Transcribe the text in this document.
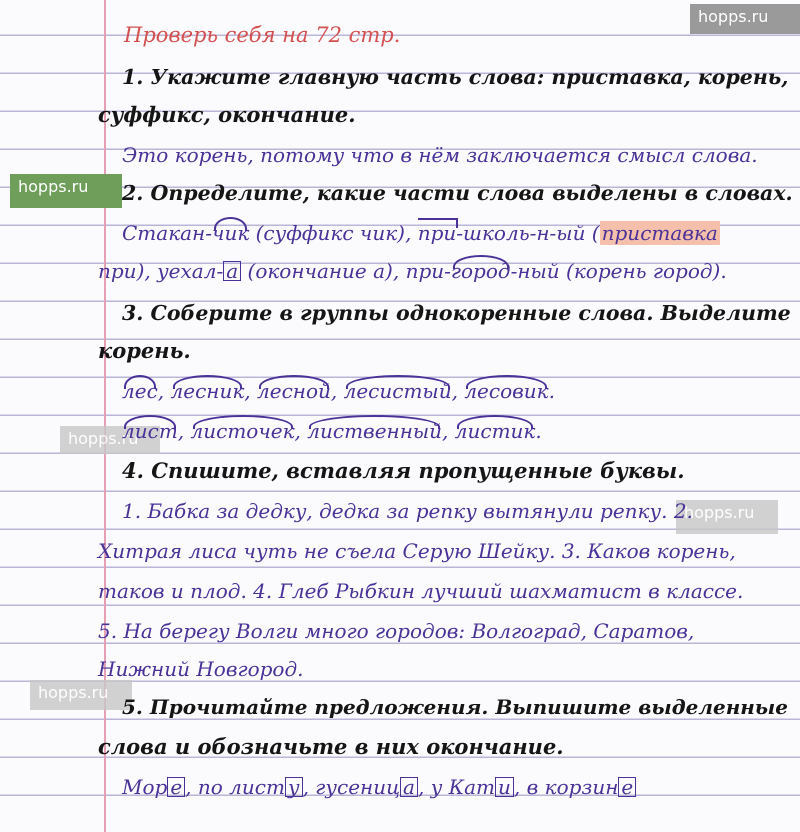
hopps.ru
hopps.ru
hopps.ru
hopps.ru
hopps.ru
Проверь себя на 72 стр.
1. Укажите главную часть слова: приставка, корень,
суффикс, окончание.
Это корень, потому что в нём заключается смысл слова.
2. Определите, какие части слова выделены в словах.
Стакан-чик (суффикс чик), при-школь-н-ый ( приставка
при), уехал- а (окончание а), при-город-ный (корень город).
3. Соберите в группы однокоренные слова. Выделите
корень.
лес, лесник, лесной, лесистый, лесовик.
лист, листочек, лиственный, листик.
4. Спишите, вставляя пропущенные буквы.
1. Бабка за дедку, дедка за репку вытянули репку. 2.
Хитрая лиса чуть не съела Серую Шейку. 3. Каков корень,
таков и плод. 4. Глеб Рыбкин лучший шахматист в классе.
5. На берегу Волги много городов: Волгоград, Саратов,
Нижний Новгород.
5. Прочитайте предложения. Выпишите выделенные
слова и обозначьте в них окончание.
Мор е , по лист у , гусениц а , у Кат и , в корзин е
